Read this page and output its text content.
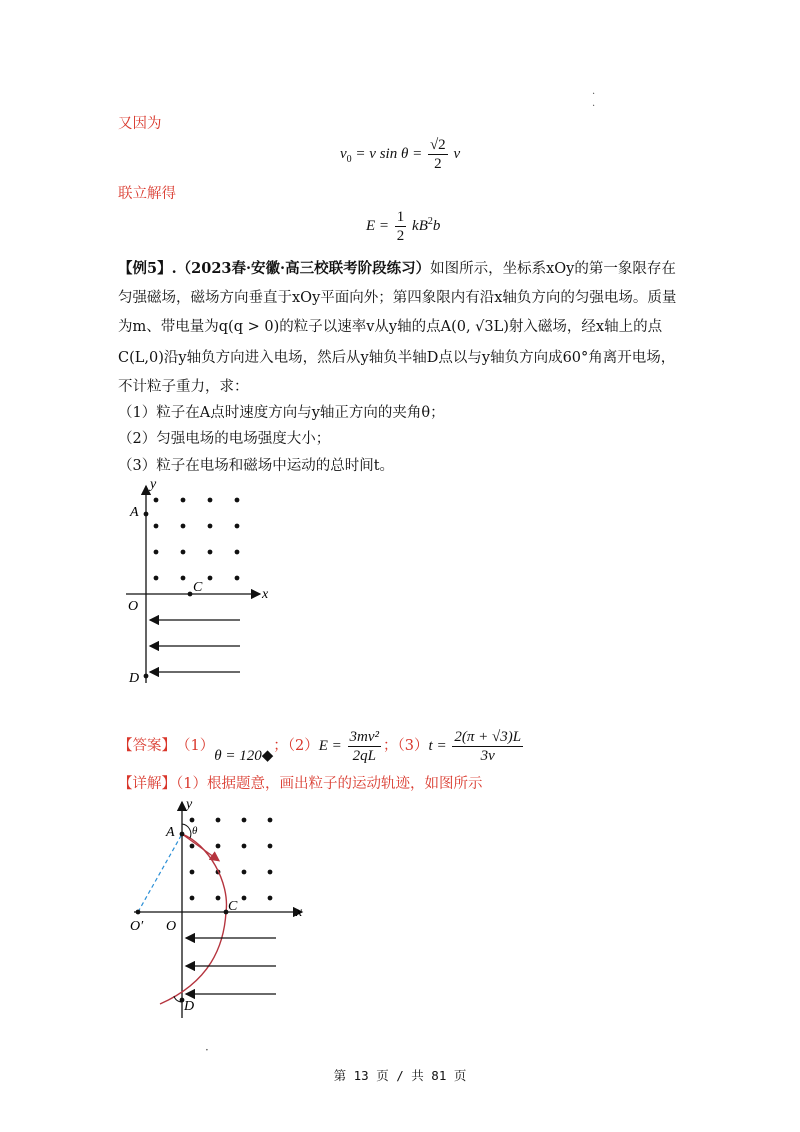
.
.
又因为
$v_0 = v$ $\sin \theta = \frac{√2}{2}$ v
联立解得
$E = \frac{1}{2} kB^2b$
【例5】.（2023春·安徽·高三校联考阶段练习）如图所示，坐标系xOy的第一象限存在
匀强磁场，磁场方向垂直于xOy平面向外；第四象限内有沿x轴负方向的匀强电场。质量
为m、带电量为q(q > 0)的粒子以速率v从y轴的点A(0, √3L)射入磁场，经x轴上的点
C(L,0)沿y轴负方向进入电场，然后从y轴负半轴D点以与y轴负方向成60°角离开电场，
不计粒子重力，求：
（1）粒子在A点时速度方向与y轴正方向的夹角θ；
（2）匀强电场的电场强度大小；
（3）粒子在电场和磁场中运动的总时间t。
y
x
A
O
C
D
【答案】 （1）
θ = 120◆
；（2） $E = \frac{\text{3mv²}}{2qL}$ ；（3） $t = \frac{2(\pi + √3)L}{3v}$
【详解】（1）根据题意，画出粒子的运动轨迹，如图所示
y
x
A θ
O
O′
C
D
·
第 13 页 / 共 81 页
